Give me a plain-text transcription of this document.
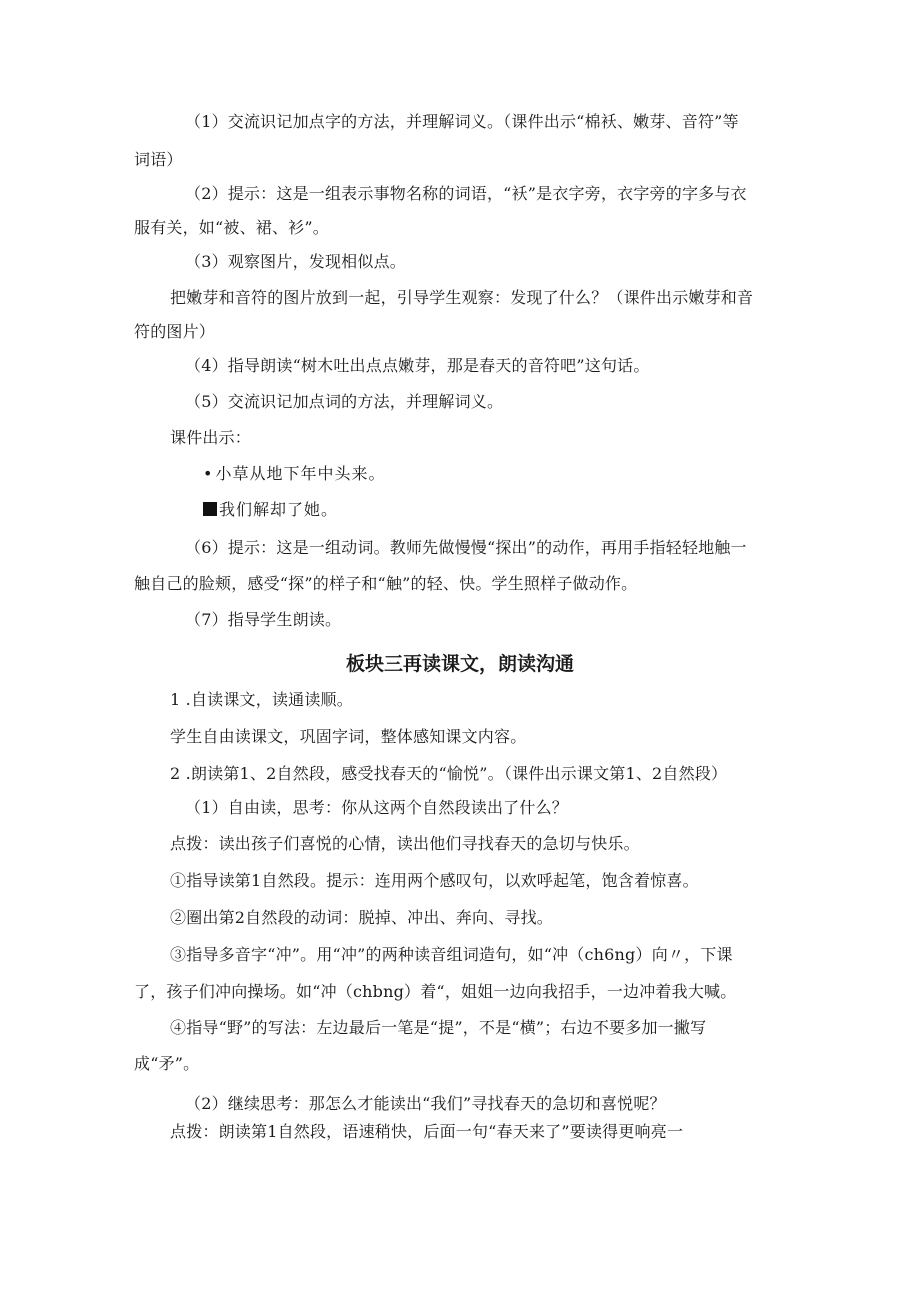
（1）交流识记加点字的方法，并理解词义。（课件出示“棉袄、嫩芽、音符”等
词语）
（2）提示：这是一组表示事物名称的词语，“袄”是衣字旁，衣字旁的字多与衣
服有关，如“被、裙、衫”。
（3）观察图片，发现相似点。
把嫩芽和音符的图片放到一起，引导学生观察：发现了什么？（课件出示嫩芽和音
符的图片）
（4）指导朗读“树木吐出点点嫩芽，那是春天的音符吧”这句话。
（5）交流识记加点词的方法，并理解词义。
课件出示：
• 小草从地下年中头来。
我们解却了她。
（6）提示：这是一组动词。教师先做慢慢“探出”的动作，再用手指轻轻地触一
触自己的脸颊，感受“探”的样子和“触”的轻、快。学生照样子做动作。
（7）指导学生朗读。
板块三再读课文，朗读沟通
1 .自读课文，读通读顺。
学生自由读课文，巩固字词，整体感知课文内容。
2 .朗读第1、2自然段，感受找春天的“愉悦”。（课件出示课文第1、2自然段）
（1）自由读，思考：你从这两个自然段读出了什么？
点拨：读出孩子们喜悦的心情，读出他们寻找春天的急切与快乐。
①指导读第1自然段。提示：连用两个感叹句，以欢呼起笔，饱含着惊喜。
②圈出第2自然段的动词：脱掉、冲出、奔向、寻找。
③指导多音字“冲”。用“冲”的两种读音组词造句，如“冲（ch6ng）向〃，下课
了，孩子们冲向操场。如“冲（chbng）着“，姐姐一边向我招手，一边冲着我大喊。
④指导“野”的写法：左边最后一笔是“提”，不是“横”；右边不要多加一撇写
成“矛”。
（2）继续思考：那怎么才能读出“我们”寻找春天的急切和喜悦呢？
点拨：朗读第1自然段，语速稍快，后面一句“春天来了”要读得更响亮一
